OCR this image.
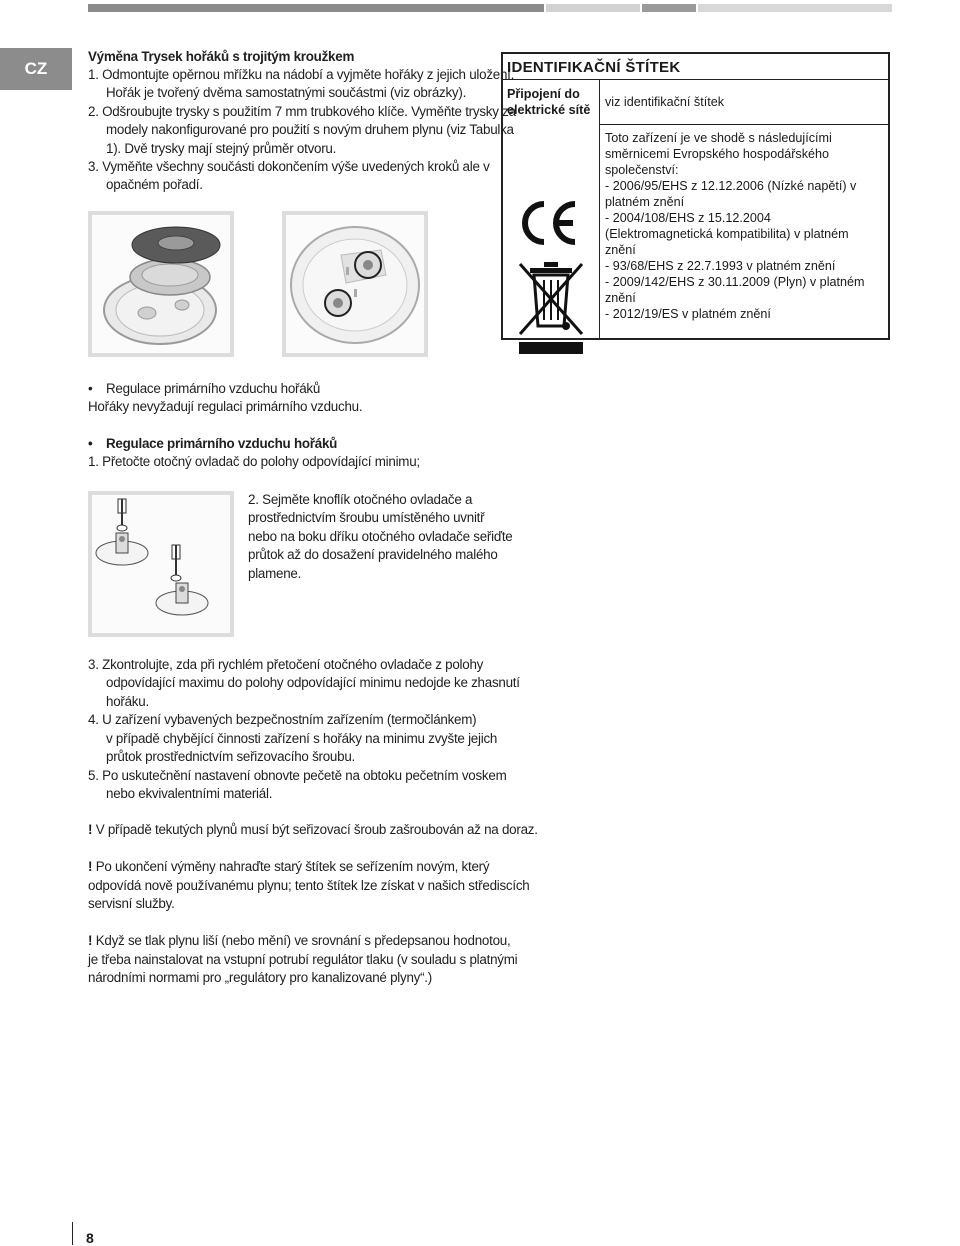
CZ
Výměna Trysek hořáků s trojitým kroužkem
1. Odmontujte opěrnou mřížku na nádobí a vyjměte hořáky z jejich uložení.
Hořák je tvořený dvěma samostatnými součástmi (viz obrázky).
2. Odšroubujte trysky s použitím 7 mm trubkového klíče. Vyměňte trysky za
modely nakonfigurované pro použití s novým druhem plynu (viz Tabulka
1). Dvě trysky mají stejný průměr otvoru.
3. Vyměňte všechny součásti dokončením výše uvedených kroků ale v
opačném pořadí.
IDENTIFIKAČNÍ ŠTÍTEK
Připojení do
elektrické sítě
viz identifikační štítek
Toto zařízení je ve shodě s následujícími
směrnicemi Evropského hospodářského
společenství:
- 2006/95/EHS z 12.12.2006 (Nízké napětí) v
platném znění
- 2004/108/EHS z 15.12.2004
(Elektromagnetická kompatibilita) v platném
znění
- 93/68/EHS z 22.7.1993 v platném znění
- 2009/142/EHS z 30.11.2009 (Plyn) v platném
znění
- 2012/19/ES v platném znění
• Regulace primárního vzduchu hořáků
Hořáky nevyžadují regulaci primárního vzduchu.
• Regulace primárního vzduchu hořáků
1. Přetočte otočný ovladač do polohy odpovídající minimu;
2. Sejměte knoflík otočného ovladače a
prostřednictvím šroubu umístěného uvnitř
nebo na boku dříku otočného ovladače seřiďte
průtok až do dosažení pravidelného malého
plamene.
3. Zkontrolujte, zda při rychlém přetočení otočného ovladače z polohy
odpovídající maximu do polohy odpovídající minimu nedojde ke zhasnutí
hořáku.
4. U zařízení vybavených bezpečnostním zařízením (termočlánkem)
v případě chybějící činnosti zařízení s hořáky na minimu zvyšte jejich
průtok prostřednictvím seřizovacího šroubu.
5. Po uskutečnění nastavení obnovte pečetě na obtoku pečetním voskem
nebo ekvivalentními materiál.
! V případě tekutých plynů musí být seřizovací šroub zašroubován až na doraz.
! Po ukončení výměny nahraďte starý štítek se seřízením novým, který
odpovídá nově používanému plynu; tento štítek lze získat v našich střediscích
servisní služby.
! Když se tlak plynu liší (nebo mění) ve srovnání s předepsanou hodnotou,
je třeba nainstalovat na vstupní potrubí regulátor tlaku (v souladu s platnými
národními normami pro „regulátory pro kanalizované plyny“.)
8
